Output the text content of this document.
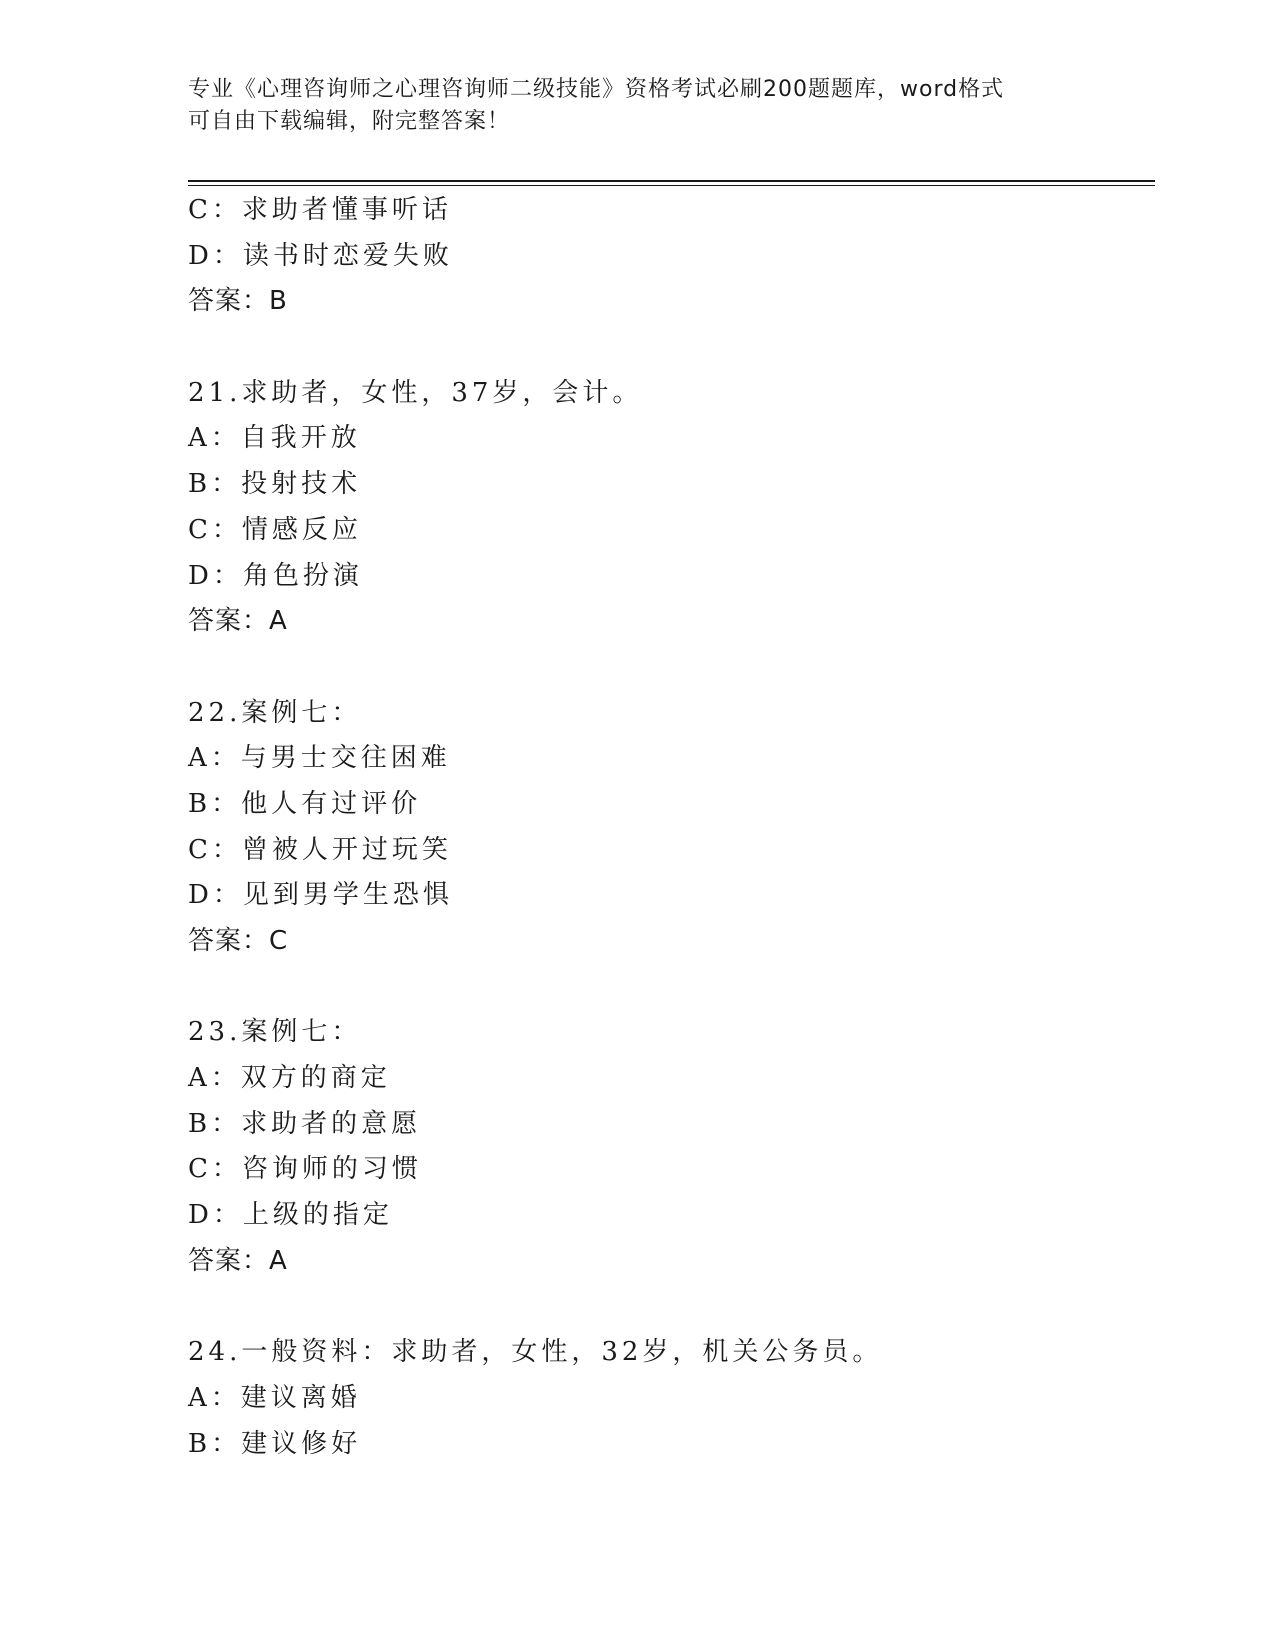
专业《心理咨询师之心理咨询师二级技能》资格考试必刷200题题库，word格式
可自由下载编辑，附完整答案！
C：求助者懂事听话
D：读书时恋爱失败
答案：B
21.求助者，女性，37岁，会计。
A：自我开放
B：投射技术
C：情感反应
D：角色扮演
答案：A
22.案例七：
A：与男士交往困难
B：他人有过评价
C：曾被人开过玩笑
D：见到男学生恐惧
答案：C
23.案例七：
A：双方的商定
B：求助者的意愿
C：咨询师的习惯
D：上级的指定
答案：A
24.一般资料：求助者，女性，32岁，机关公务员。
A：建议离婚
B：建议修好
